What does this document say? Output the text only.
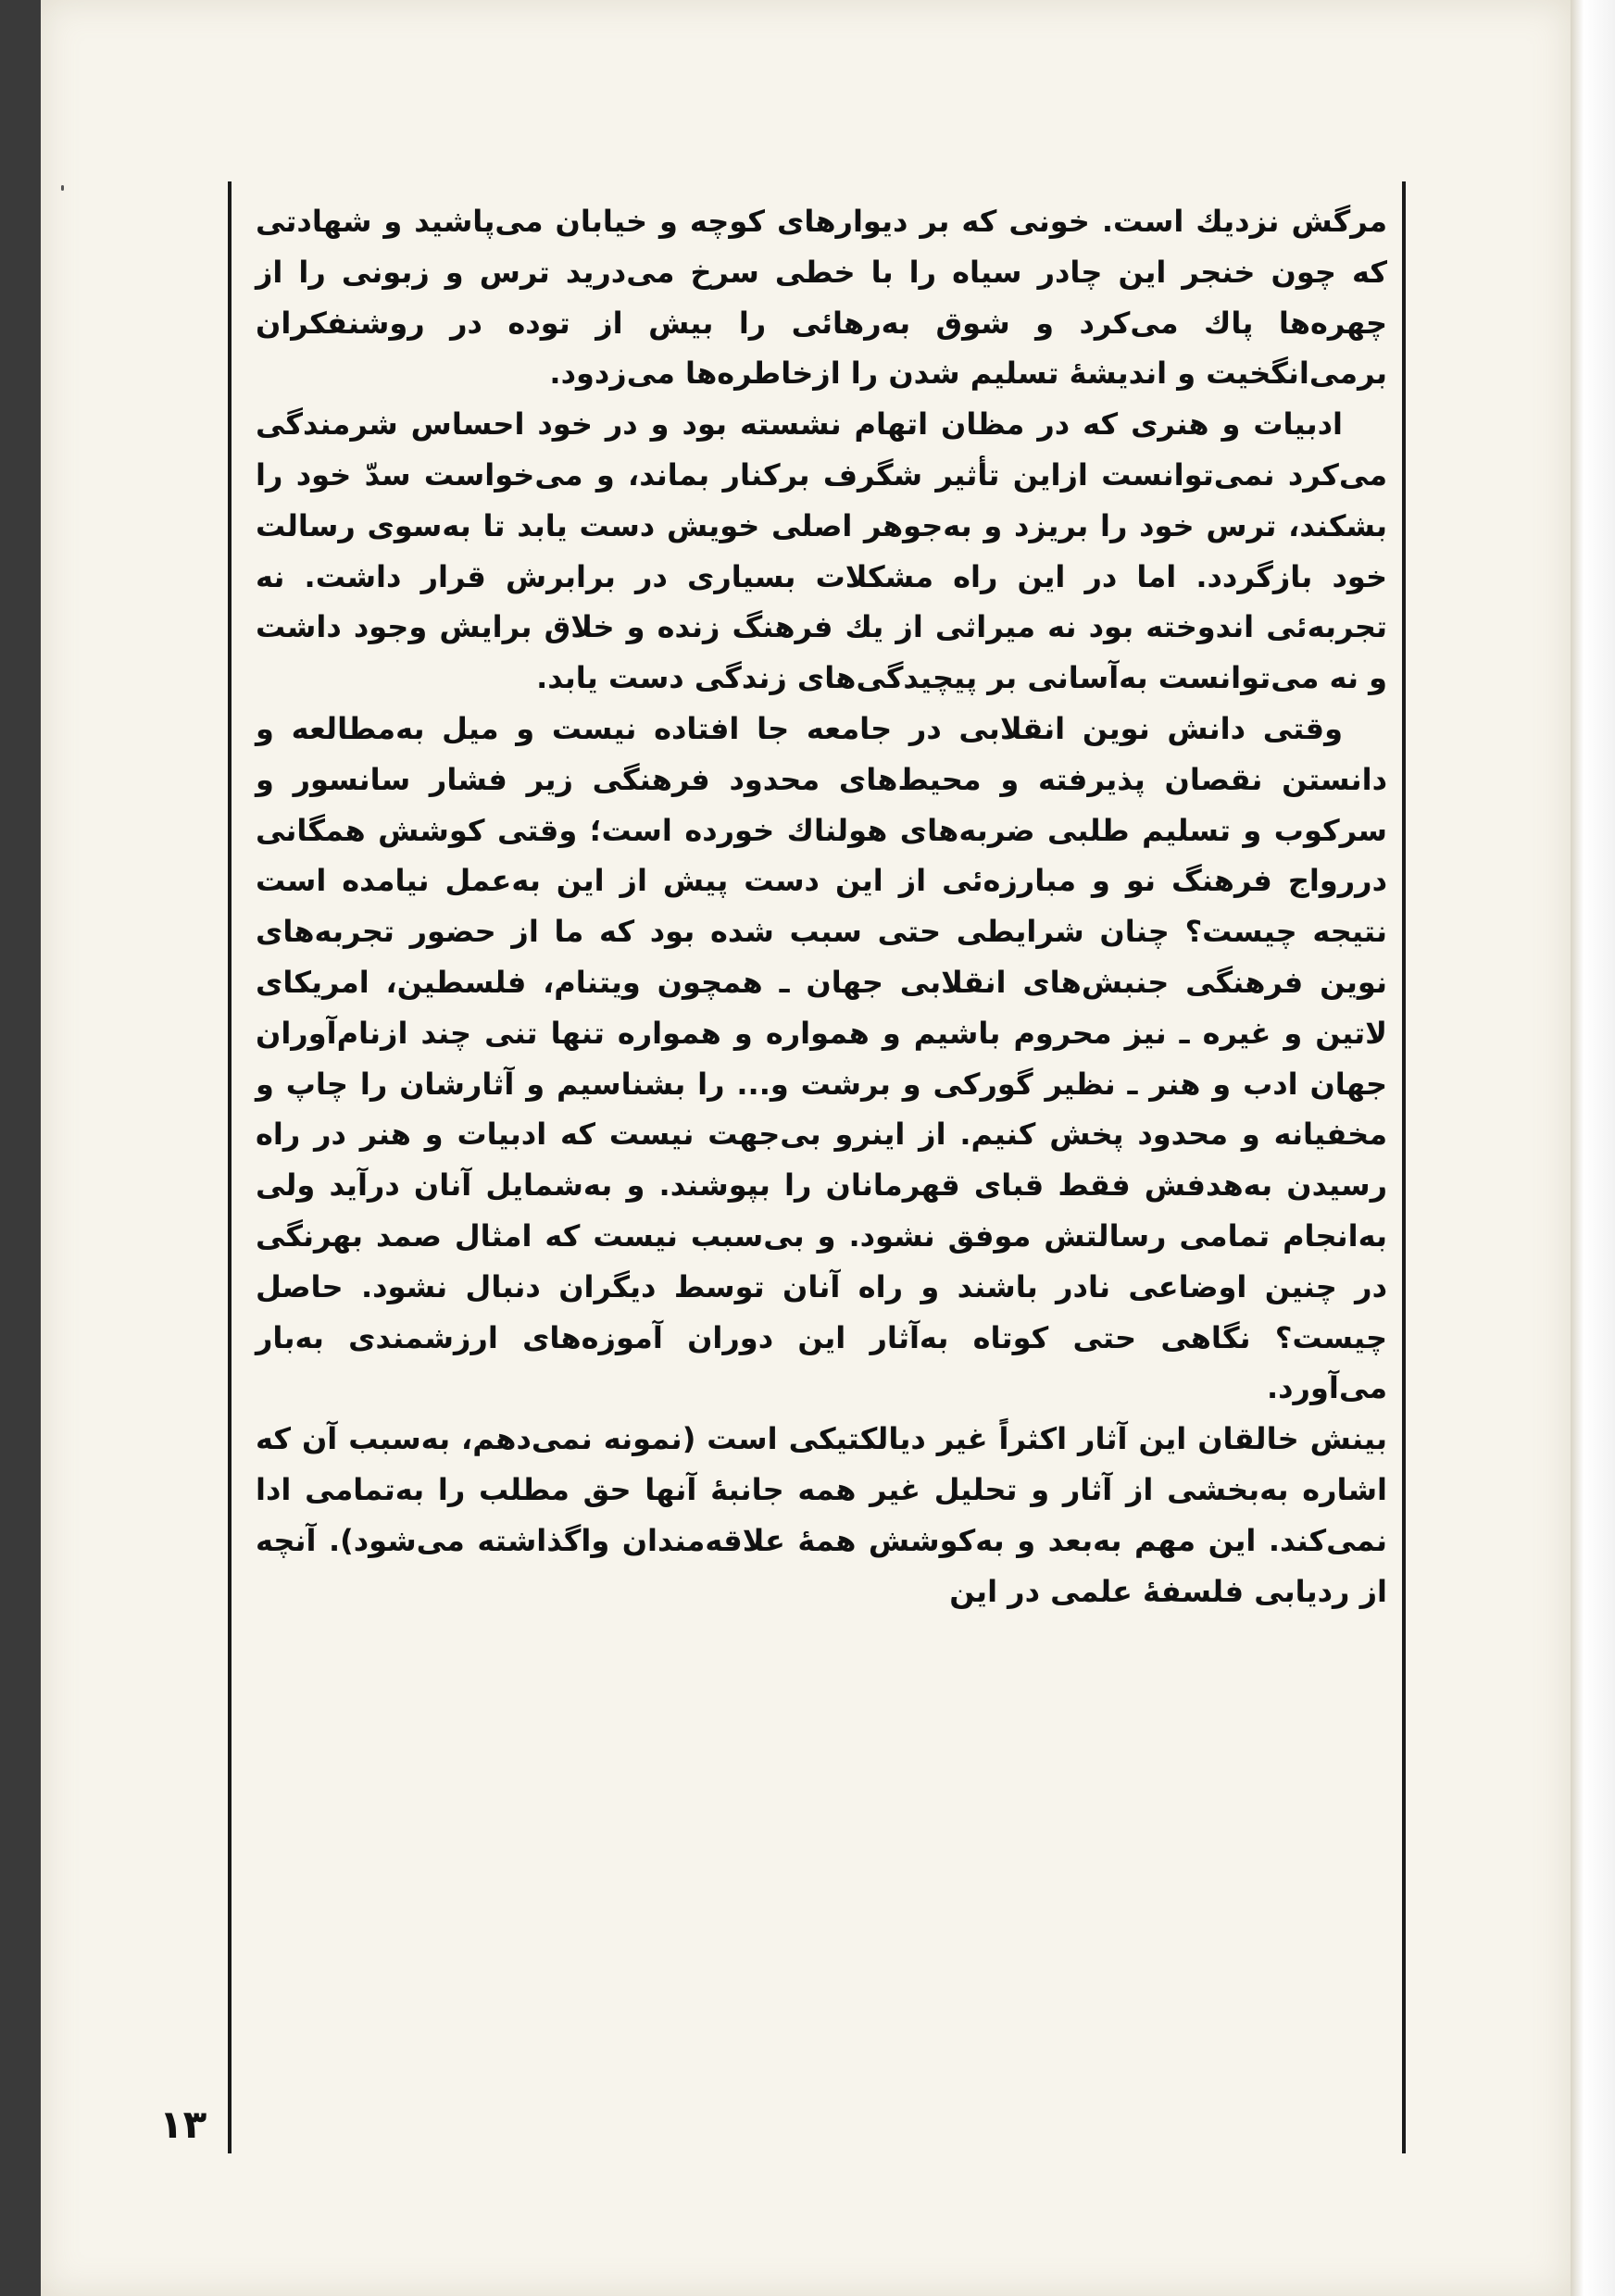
مرگش نزديك است. خونى كه بر ديوارهاى كوچه و خيابان مى‌پاشيد و شهادتى كه چون خنجر اين چادر سياه را با خطى سرخ مى‌دريد ترس و زبونى را از چهره‌ها پاك مى‌كرد و شوق به‌رهائى را بيش از توده در روشنفكران برمى‌انگخيت و انديشهٔ تسليم شدن را ازخاطره‌ها مى‌زدود.

ادبيات و هنرى كه در مظان اتهام نشسته بود و در خود احساس شرمندگى مى‌كرد نمى‌توانست ازاين تأثير شگرف بركنار بماند، و مى‌خواست سدّ خود را بشكند، ترس خود را بريزد و به‌جوهر اصلى خويش دست يابد تا به‌سوى رسالت خود بازگردد. اما در اين راه مشكلات بسيارى در برابرش قرار داشت. نه تجربه‌ئى اندوخته بود نه ميراثى از يك فرهنگ زنده و خلاق برايش وجود داشت و نه مى‌توانست به‌آسانى بر پيچيدگى‌هاى زندگى دست يابد.

وقتى دانش نوين انقلابى در جامعه جا افتاده نيست و ميل به‌مطالعه و دانستن نقصان پذيرفته و محيط‌هاى محدود فرهنگى زير فشار سانسور و سركوب و تسليم طلبى ضربه‌هاى هولناك خورده است؛ وقتى كوشش همگانى دررواج فرهنگ نو و مبارزه‌ئى از اين دست پيش از اين به‌عمل نيامده است نتيجه چيست؟ چنان شرايطى حتى سبب شده بود كه ما از حضور تجربه‌هاى نوين فرهنگى جنبش‌هاى انقلابى جهان ـ همچون ويتنام، فلسطين، امريكاى لاتين و غيره ـ نيز محروم باشيم و همواره و همواره تنها تنى چند ازنام‌آوران جهان ادب و هنر ـ نظير گوركى و برشت و... را بشناسيم و آثارشان را چاپ و مخفيانه و محدود پخش كنيم. از اينرو بى‌جهت نيست كه ادبيات و هنر در راه رسيدن به‌هدفش فقط قباى قهرمانان را بپوشند. و به‌شمايل آنان درآيد ولى به‌انجام تمامى رسالتش موفق نشود. و بى‌سبب نيست كه امثال صمد بهرنگى در چنين اوضاعى نادر باشند و راه آنان توسط ديگران دنبال نشود. حاصل چيست؟ نگاهى حتى كوتاه به‌آثار اين دوران آموزه‌هاى ارزشمندى به‌بار مى‌آورد.

بينش خالقان اين آثار اكثراً غير ديالكتيكى است (نمونه نمى‌دهم، به‌سبب آن كه اشاره به‌بخشى از آثار و تحليل غير همه جانبهٔ آنها حق مطلب را به‌تمامى ادا نمى‌كند. اين مهم به‌بعد و به‌كوشش همهٔ علاقه‌مندان واگذاشته مى‌شود). آنچه از رديابى فلسفهٔ علمى در اين

۱۳
